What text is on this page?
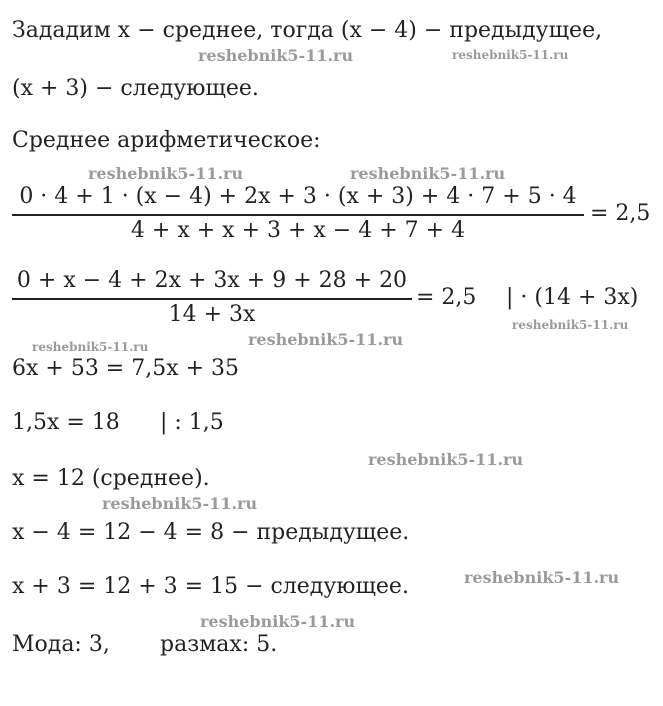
Зададим x − среднее, тогда (x − 4) − предыдущее,
(x + 3) − следующее.
Среднее арифметическое:
0 · 4 + 1 · (x − 4) + 2x + 3 · (x + 3) + 4 · 7 + 5 · 4
4 + x + x + 3 + x − 4 + 7 + 4
= 2,5
0 + x − 4 + 2x + 3x + 9 + 28 + 20
14 + 3x
= 2,5 | · (14 + 3x)
6x + 53 = 7,5x + 35
1,5x = 18 | : 1,5
x = 12 (среднее).
x − 4 = 12 − 4 = 8 − предыдущее.
x + 3 = 12 + 3 = 15 − следующее.
Мода: 3, размах: 5.
reshebnik5-11.ru	reshebnik5-11.ru
reshebnik5-11.ru	reshebnik5-11.ru
reshebnik5-11.ru
reshebnik5-11.ru	reshebnik5-11.ru
reshebnik5-11.ru
reshebnik5-11.ru
reshebnik5-11.ru
reshebnik5-11.ru
